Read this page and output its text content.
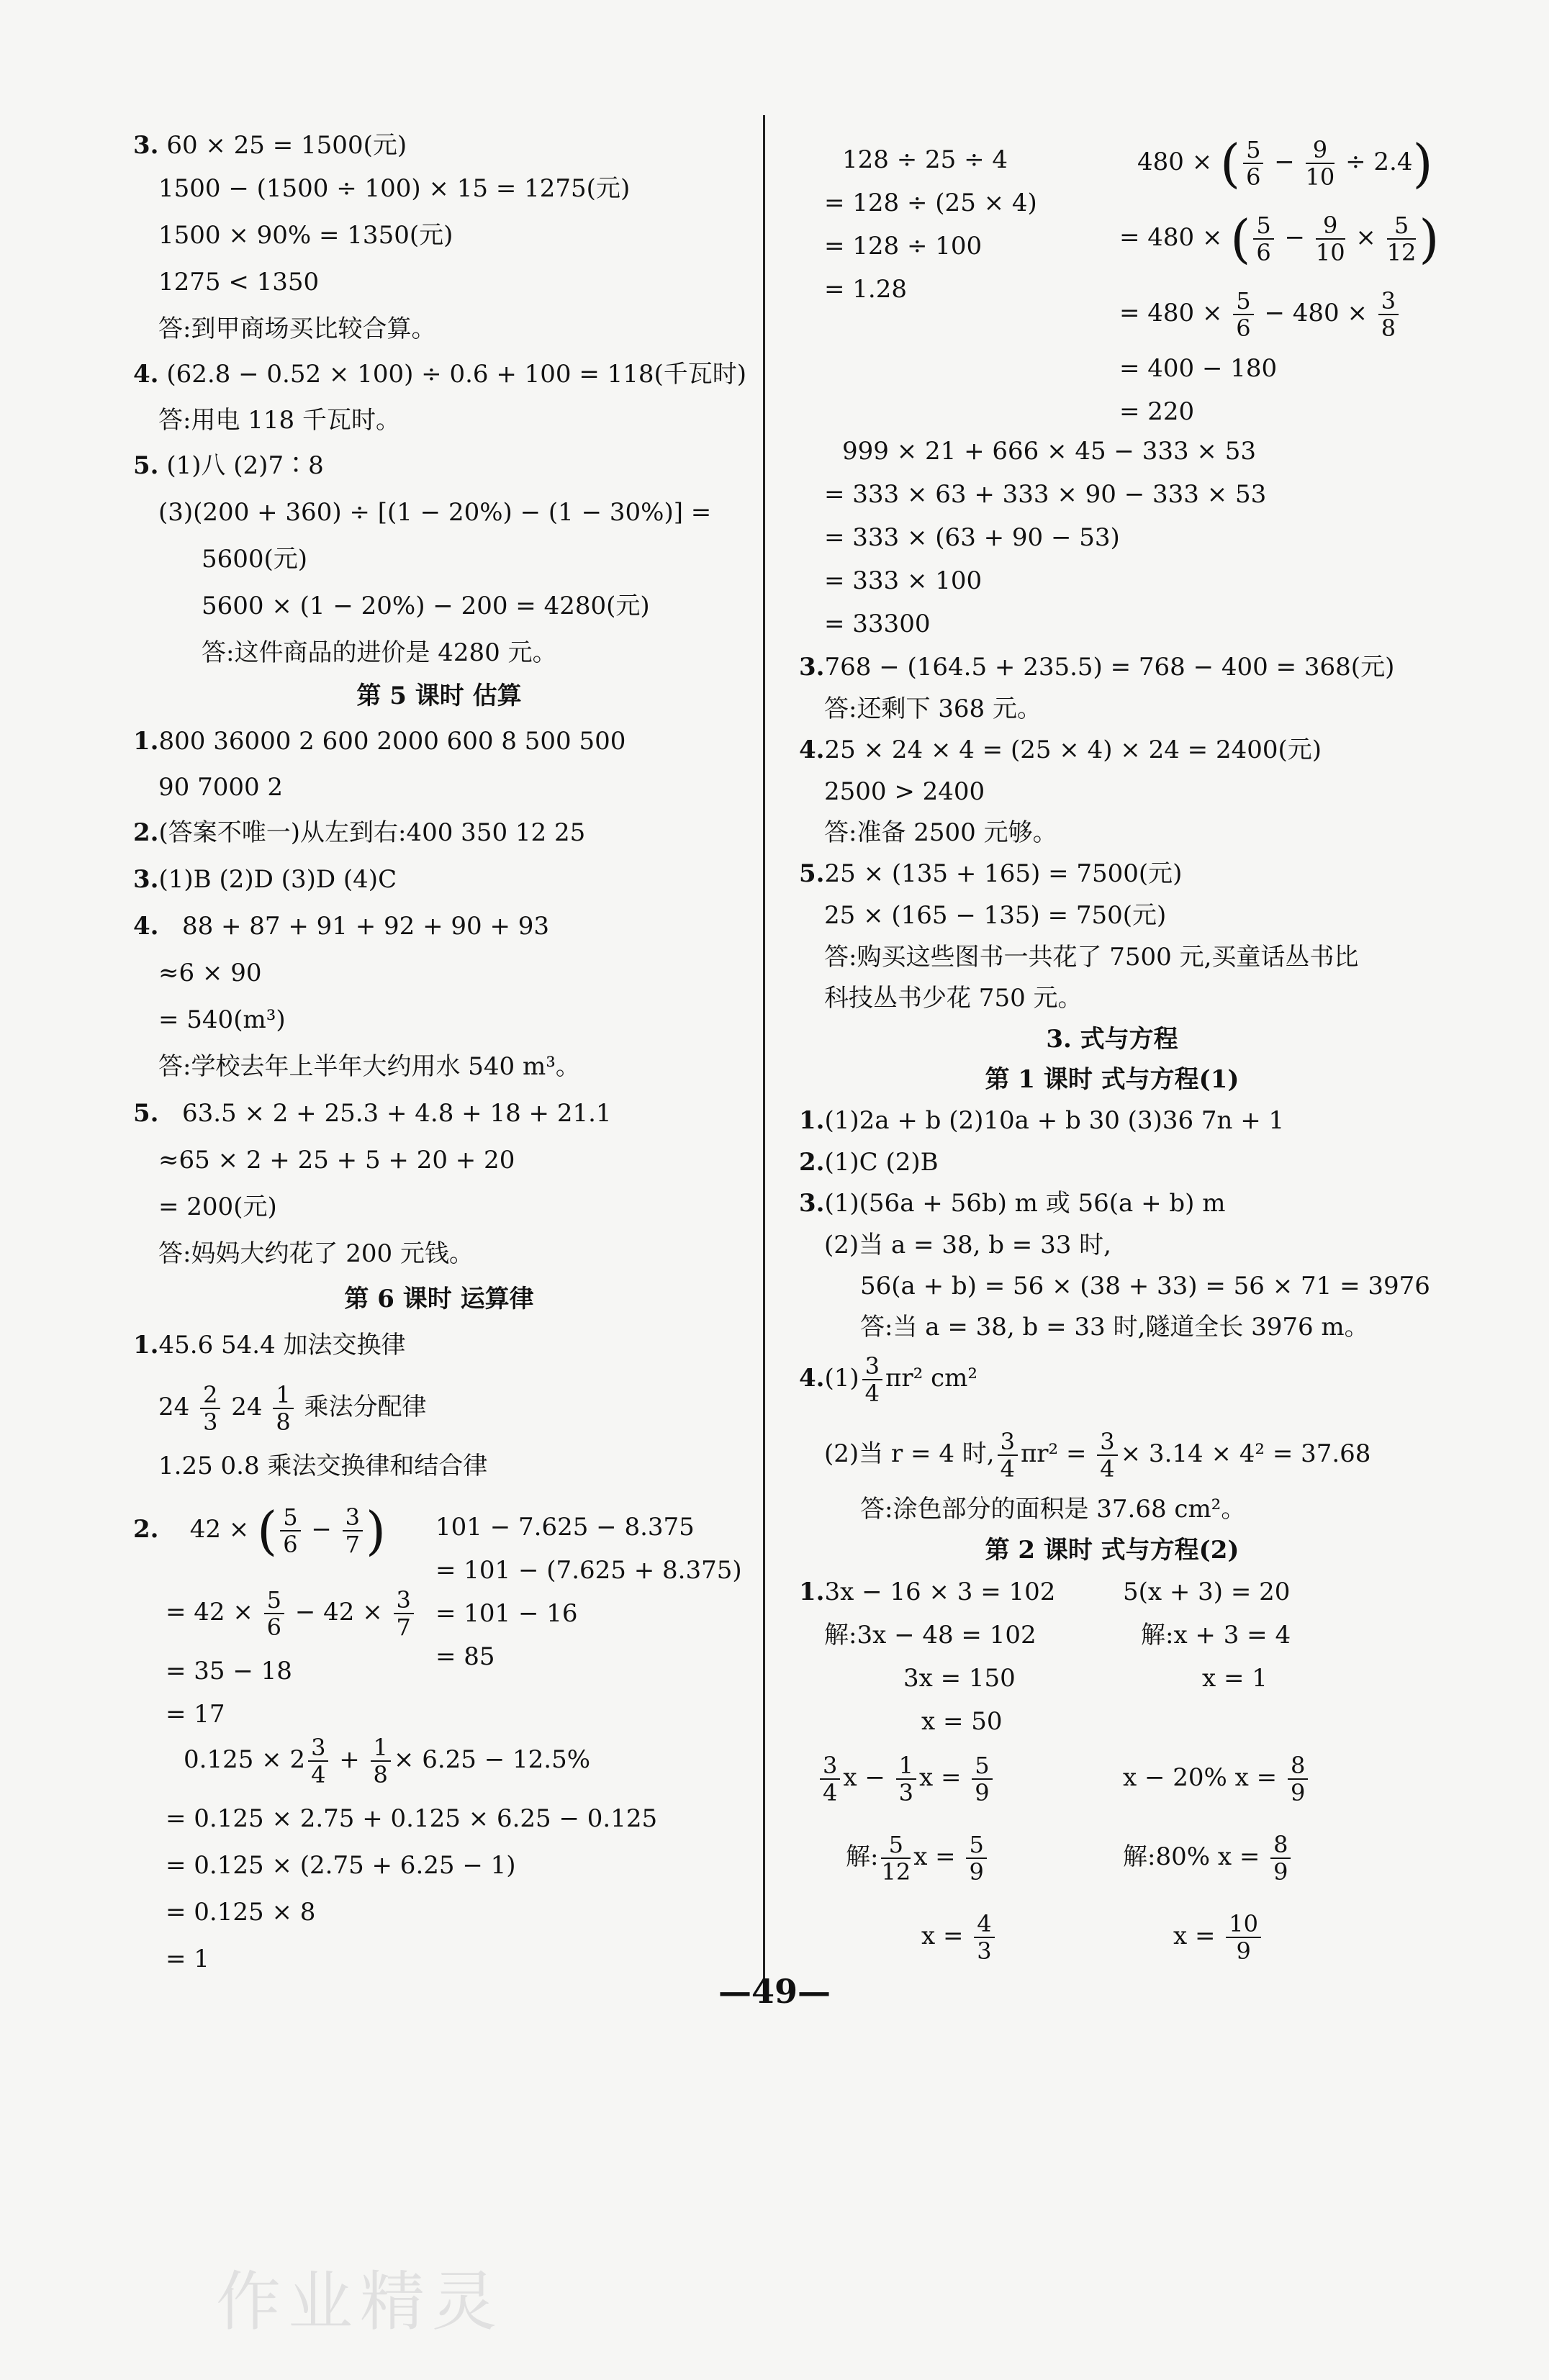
3. 60 × 25 = 1500(元)
1500 − (1500 ÷ 100) × 15 = 1275(元)
1500 × 90% = 1350(元)
1275 < 1350
答:到甲商场买比较合算。
4. (62.8 − 0.52 × 100) ÷ 0.6 + 100 = 118(千瓦时)
答:用电 118 千瓦时。
5. (1)八 (2)7∶8
(3)(200 + 360) ÷ [(1 − 20%) − (1 − 30%)] =
5600(元)
5600 × (1 − 20%) − 200 = 4280(元)
答:这件商品的进价是 4280 元。
第 5 课时 估算
1.800 36000 2 600 2000 600 8 500 500
90 7000 2
2.(答案不唯一)从左到右:400 350 12 25
3.(1)B (2)D (3)D (4)C
4. 88 + 87 + 91 + 92 + 90 + 93
≈6 × 90
= 540(m³)
答:学校去年上半年大约用水 540 m³。
5. 63.5 × 2 + 25.3 + 4.8 + 18 + 21.1
≈65 × 2 + 25 + 5 + 20 + 20
= 200(元)
答:妈妈大约花了 200 元钱。
第 6 课时 运算律
1.45.6 54.4 加法交换律
$24 \frac{2}{3} 24 \frac{1}{8}$ 乘法分配律
1.25 0.8 乘法交换律和结合律
2.    42 × ( $\frac{5}{6} - \frac{3}{7}$ )
= $42 \times \frac{5}{6} - 42 \times \frac{3}{7}$
= 35 − 18
= 17
101 − 7.625 − 8.375
= 101 − (7.625 + 8.375)
= 101 − 16
= 85
$0.125 \times 2 \frac{3}{4} + \frac{1}{8} \times 6.25 - 12.5\%$
= 0.125 × 2.75 + 0.125 × 6.25 − 0.125
= 0.125 × (2.75 + 6.25 − 1)
= 0.125 × 8
= 1
128 ÷ 25 ÷ 4
= 128 ÷ (25 × 4)
= 128 ÷ 100
= 1.28
480 × ( $\frac{5}{6} - \frac{9}{10} \div 2.4$)
= 480 × ( $\frac{5}{6} - \frac{9}{10} \times \frac{5}{12}$ )
= $480 \times \frac{5}{6} - 480 \times \frac{3}{8}$
= 400 − 180
= 220
999 × 21 + 666 × 45 − 333 × 53
= 333 × 63 + 333 × 90 − 333 × 53
= 333 × (63 + 90 − 53)
= 333 × 100
= 33300
3.768 − (164.5 + 235.5) = 768 − 400 = 368(元)
答:还剩下 368 元。
4.25 × 24 × 4 = (25 × 4) × 24 = 2400(元)
2500 > 2400
答:准备 2500 元够。
5.25 × (135 + 165) = 7500(元)
25 × (165 − 135) = 750(元)
答:购买这些图书一共花了 7500 元,买童话丛书比
科技丛书少花 750 元。
3. 式与方程
第 1 课时 式与方程(1)
1.(1)2a + b (2)10a + b 30 (3)36 7n + 1
2.(1)C (2)B
3.(1)(56a + 56b) m 或 56(a + b) m
(2)当 a = 38, b = 33 时,
56(a + b) = 56 × (38 + 33) = 56 × 71 = 3976
答:当 a = 38, b = 33 时,隧道全长 3976 m。
$4.(1) \frac{3}{4} \pi r^2$ cm²
(2)当 r = 4 时, $\frac{3}{4} \pi r^2 = \frac{3}{4} \times 3.14 \times 4^2 = 37.68$
答:涂色部分的面积是 37.68 cm²。
第 2 课时 式与方程(2)
1.3x − 16 × 3 = 102
解:3x − 48 = 102
3x = 150
x = 50
5(x + 3) = 20
解:x + 3 = 4
x = 1
$\frac{3}{4}$ $x - \frac{1}{3}$ $x = \frac{5}{9}$
解: $\frac{5}{12}$ $x = \frac{5}{9}$
$x = \frac{4}{3}$
x − 20% $x = \frac{8}{9}$
解:80% $x = \frac{8}{9}$
$x = \frac{10}{9}$
—49—
作业精灵
